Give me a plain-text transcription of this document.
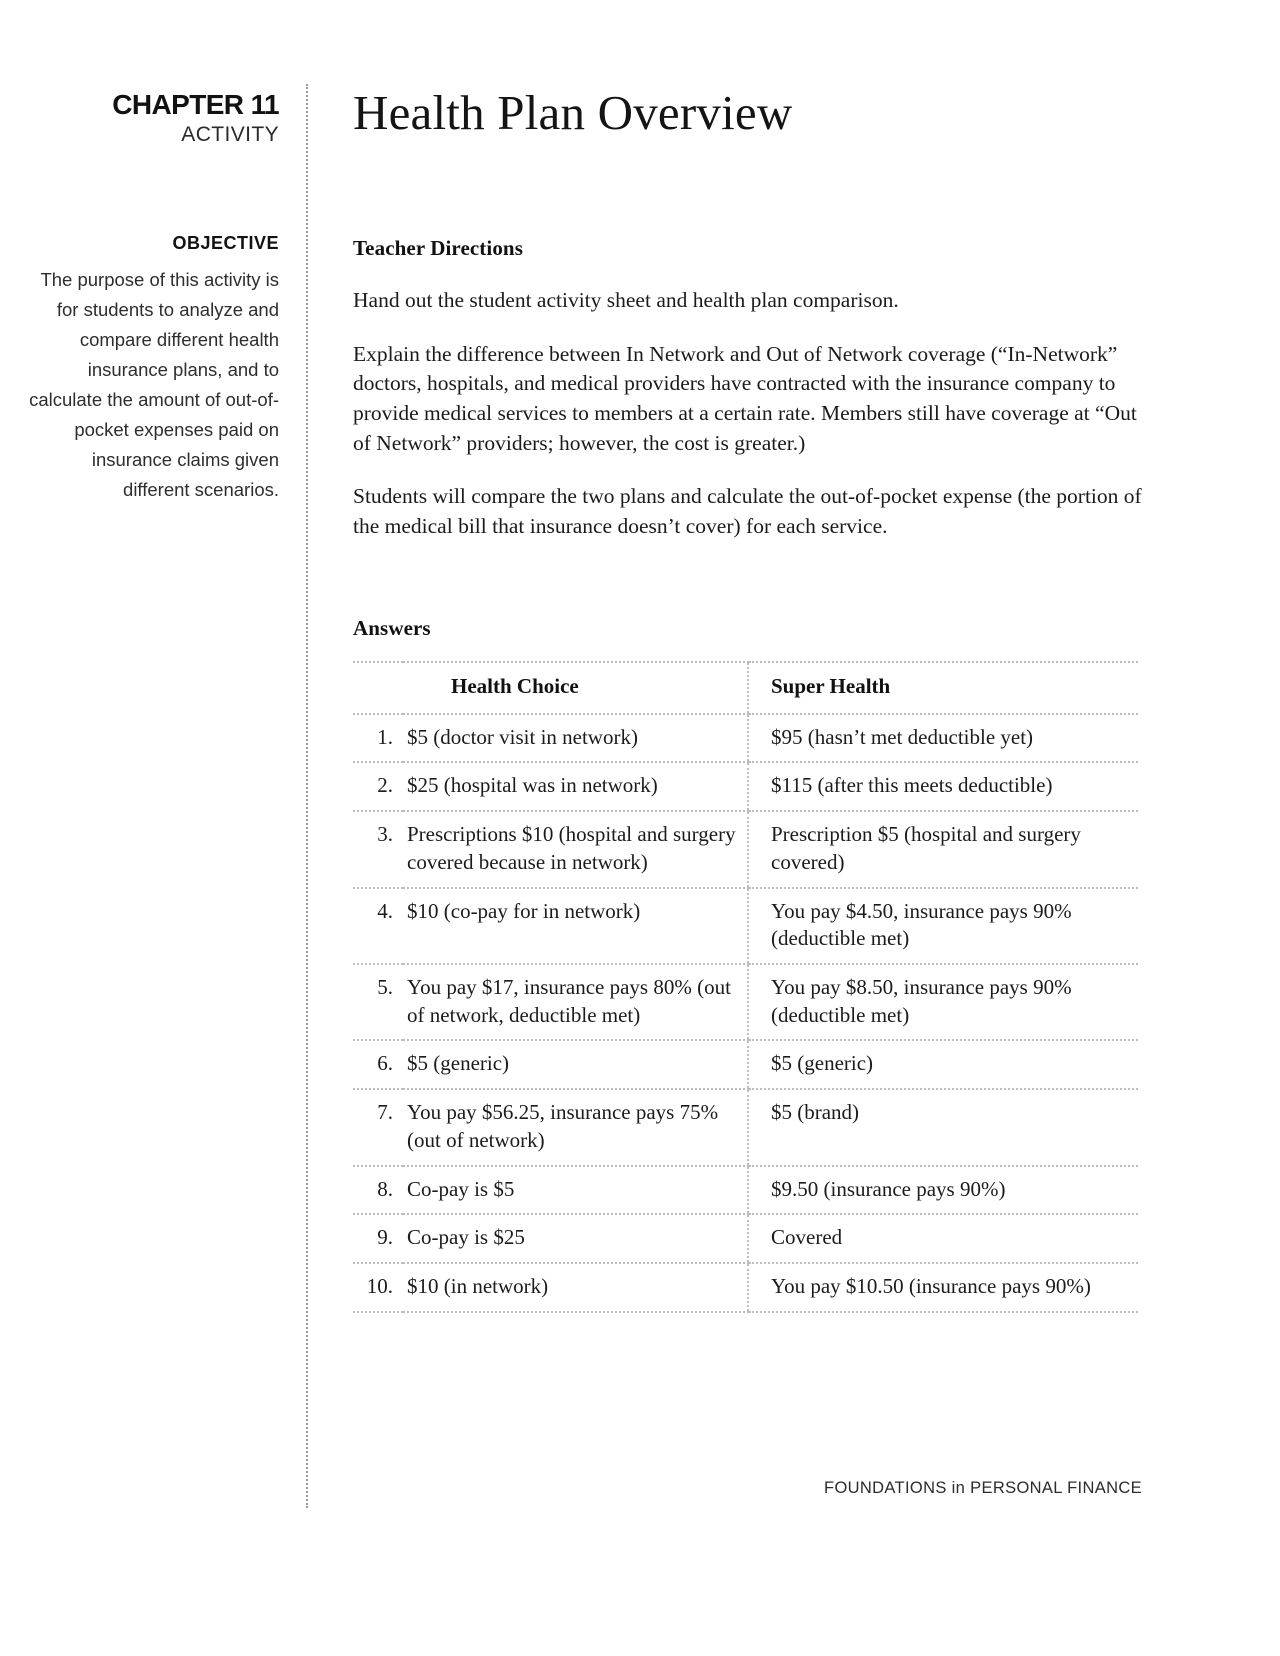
CHAPTER 11
ACTIVITY
OBJECTIVE
The purpose of this activity is for students to analyze and compare different health insurance plans, and to calculate the amount of out-of-pocket expenses paid on insurance claims given different scenarios.
Health Plan Overview
Teacher Directions

Hand out the student activity sheet and health plan comparison.

Explain the difference between In Network and Out of Network coverage (“In-Network” doctors, hospitals, and medical providers have contracted with the insurance company to provide medical services to members at a certain rate. Members still have coverage at “Out of Network” providers; however, the cost is greater.)

Students will compare the two plans and calculate the out-of-pocket expense (the portion of the medical bill that insurance doesn’t cover) for each service.

Answers
	Health Choice	Super Health
1.	$5 (doctor visit in network)	$95 (hasn’t met deductible yet)
2.	$25 (hospital was in network)	$115 (after this meets deductible)
3.	Prescriptions $10 (hospital and surgery covered because in network)	Prescription $5 (hospital and surgery covered)
4.	$10 (co-pay for in network)	You pay $4.50, insurance pays 90% (deductible met)
5.	You pay $17, insurance pays 80% (out of network, deductible met)	You pay $8.50, insurance pays 90% (deductible met)
6.	$5 (generic)	$5 (generic)
7.	You pay $56.25, insurance pays 75% (out of network)	$5 (brand)
8.	Co-pay is $5	$9.50 (insurance pays 90%)
9.	Co-pay is $25	Covered
10.	$10 (in network)	You pay $10.50 (insurance pays 90%)
FOUNDATIONS in PERSONAL FINANCE
